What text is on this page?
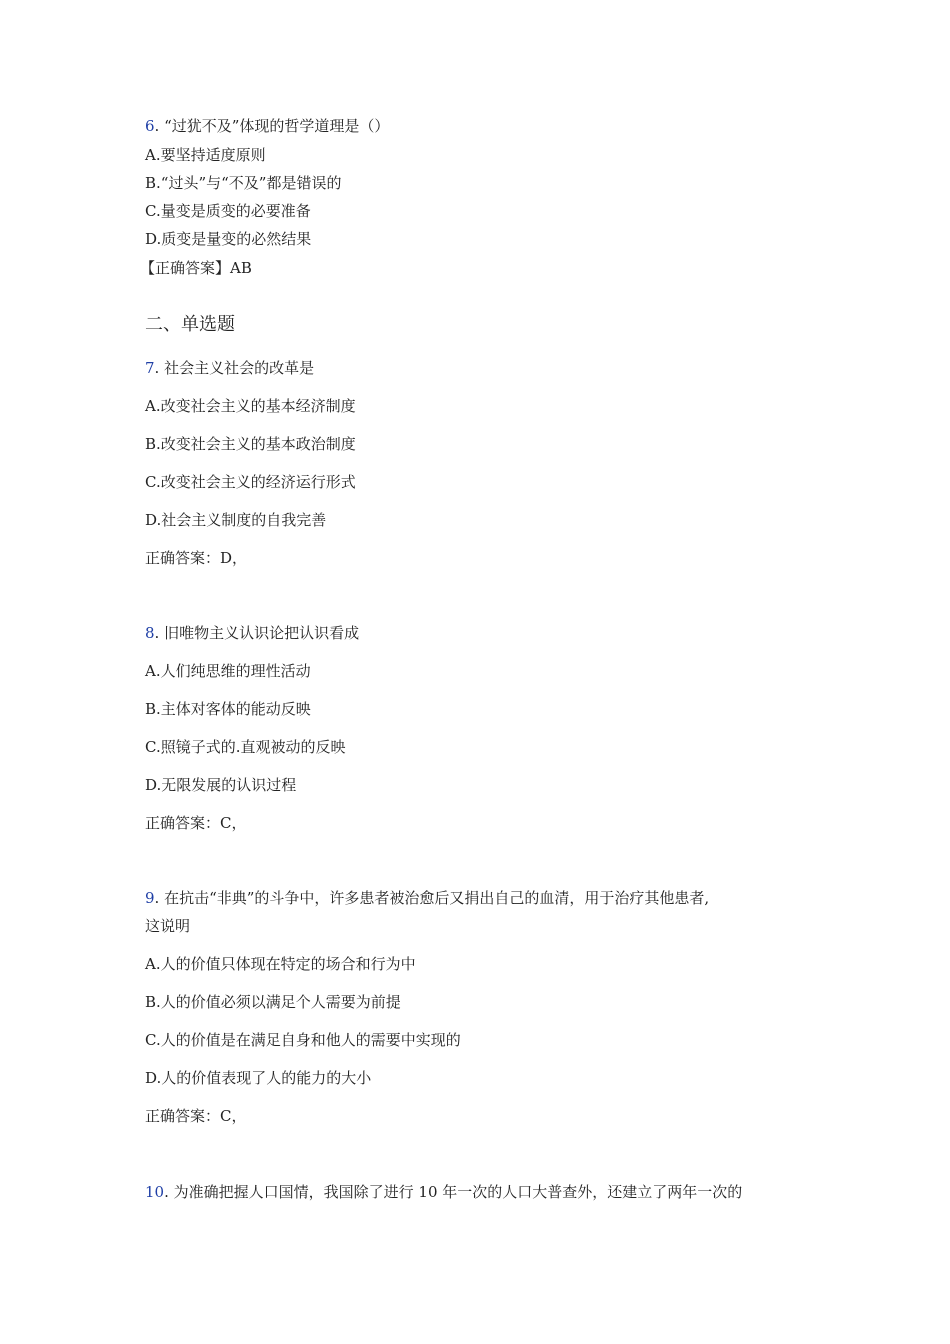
6. “过犹不及”体现的哲学道理是（）
A.要坚持适度原则
B.“过头”与“不及”都是错误的
C.量变是质变的必要准备
D.质变是量变的必然结果
【正确答案】AB
二、单选题
7. 社会主义社会的改革是
A.改变社会主义的基本经济制度
B.改变社会主义的基本政治制度
C.改变社会主义的经济运行形式
D.社会主义制度的自我完善
正确答案：D，
8. 旧唯物主义认识论把认识看成
A.人们纯思维的理性活动
B.主体对客体的能动反映
C.照镜子式的.直观被动的反映
D.无限发展的认识过程
正确答案：C，
9. 在抗击“非典”的斗争中，许多患者被治愈后又捐出自己的血清，用于治疗其他患者,
这说明
A.人的价值只体现在特定的场合和行为中
B.人的价值必须以满足个人需要为前提
C.人的价值是在满足自身和他人的需要中实现的
D.人的价值表现了人的能力的大小
正确答案：C，
10. 为准确把握人口国情，我国除了进行 10 年一次的人口大普查外，还建立了两年一次的
